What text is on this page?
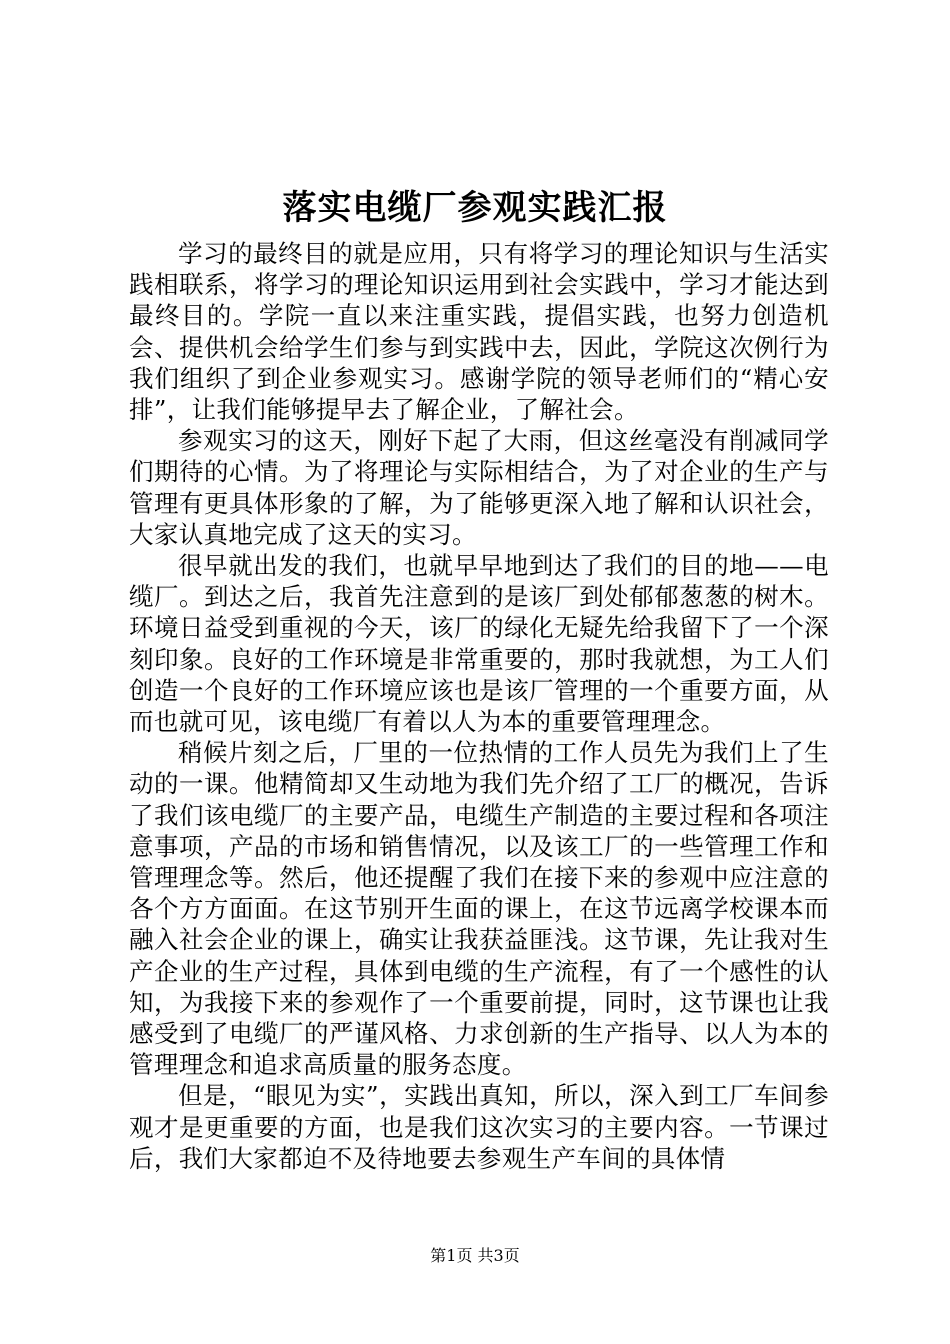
落实电缆厂参观实践汇报

学习的最终目的就是应用，只有将学习的理论知识与生活实践相联系，将学习的理论知识运用到社会实践中，学习才能达到最终目的。学院一直以来注重实践，提倡实践，也努力创造机会、提供机会给学生们参与到实践中去，因此，学院这次例行为我们组织了到企业参观实习。感谢学院的领导老师们的“精心安排”，让我们能够提早去了解企业，了解社会。

参观实习的这天，刚好下起了大雨，但这丝毫没有削减同学们期待的心情。为了将理论与实际相结合，为了对企业的生产与管理有更具体形象的了解，为了能够更深入地了解和认识社会，大家认真地完成了这天的实习。

很早就出发的我们，也就早早地到达了我们的目的地——电缆厂。到达之后，我首先注意到的是该厂到处郁郁葱葱的树木。环境日益受到重视的今天，该厂的绿化无疑先给我留下了一个深刻印象。良好的工作环境是非常重要的，那时我就想，为工人们创造一个良好的工作环境应该也是该厂管理的一个重要方面，从而也就可见，该电缆厂有着以人为本的重要管理理念。

稍候片刻之后，厂里的一位热情的工作人员先为我们上了生动的一课。他精简却又生动地为我们先介绍了工厂的概况，告诉了我们该电缆厂的主要产品，电缆生产制造的主要过程和各项注意事项，产品的市场和销售情况，以及该工厂的一些管理工作和管理理念等。然后，他还提醒了我们在接下来的参观中应注意的各个方方面面。在这节别开生面的课上，在这节远离学校课本而融入社会企业的课上，确实让我获益匪浅。这节课，先让我对生产企业的生产过程，具体到电缆的生产流程，有了一个感性的认知，为我接下来的参观作了一个重要前提，同时，这节课也让我感受到了电缆厂的严谨风格、力求创新的生产指导、以人为本的管理理念和追求高质量的服务态度。

但是，“眼见为实”，实践出真知，所以，深入到工厂车间参观才是更重要的方面，也是我们这次实习的主要内容。一节课过后，我们大家都迫不及待地要去参观生产车间的具体情

第1页 共3页
